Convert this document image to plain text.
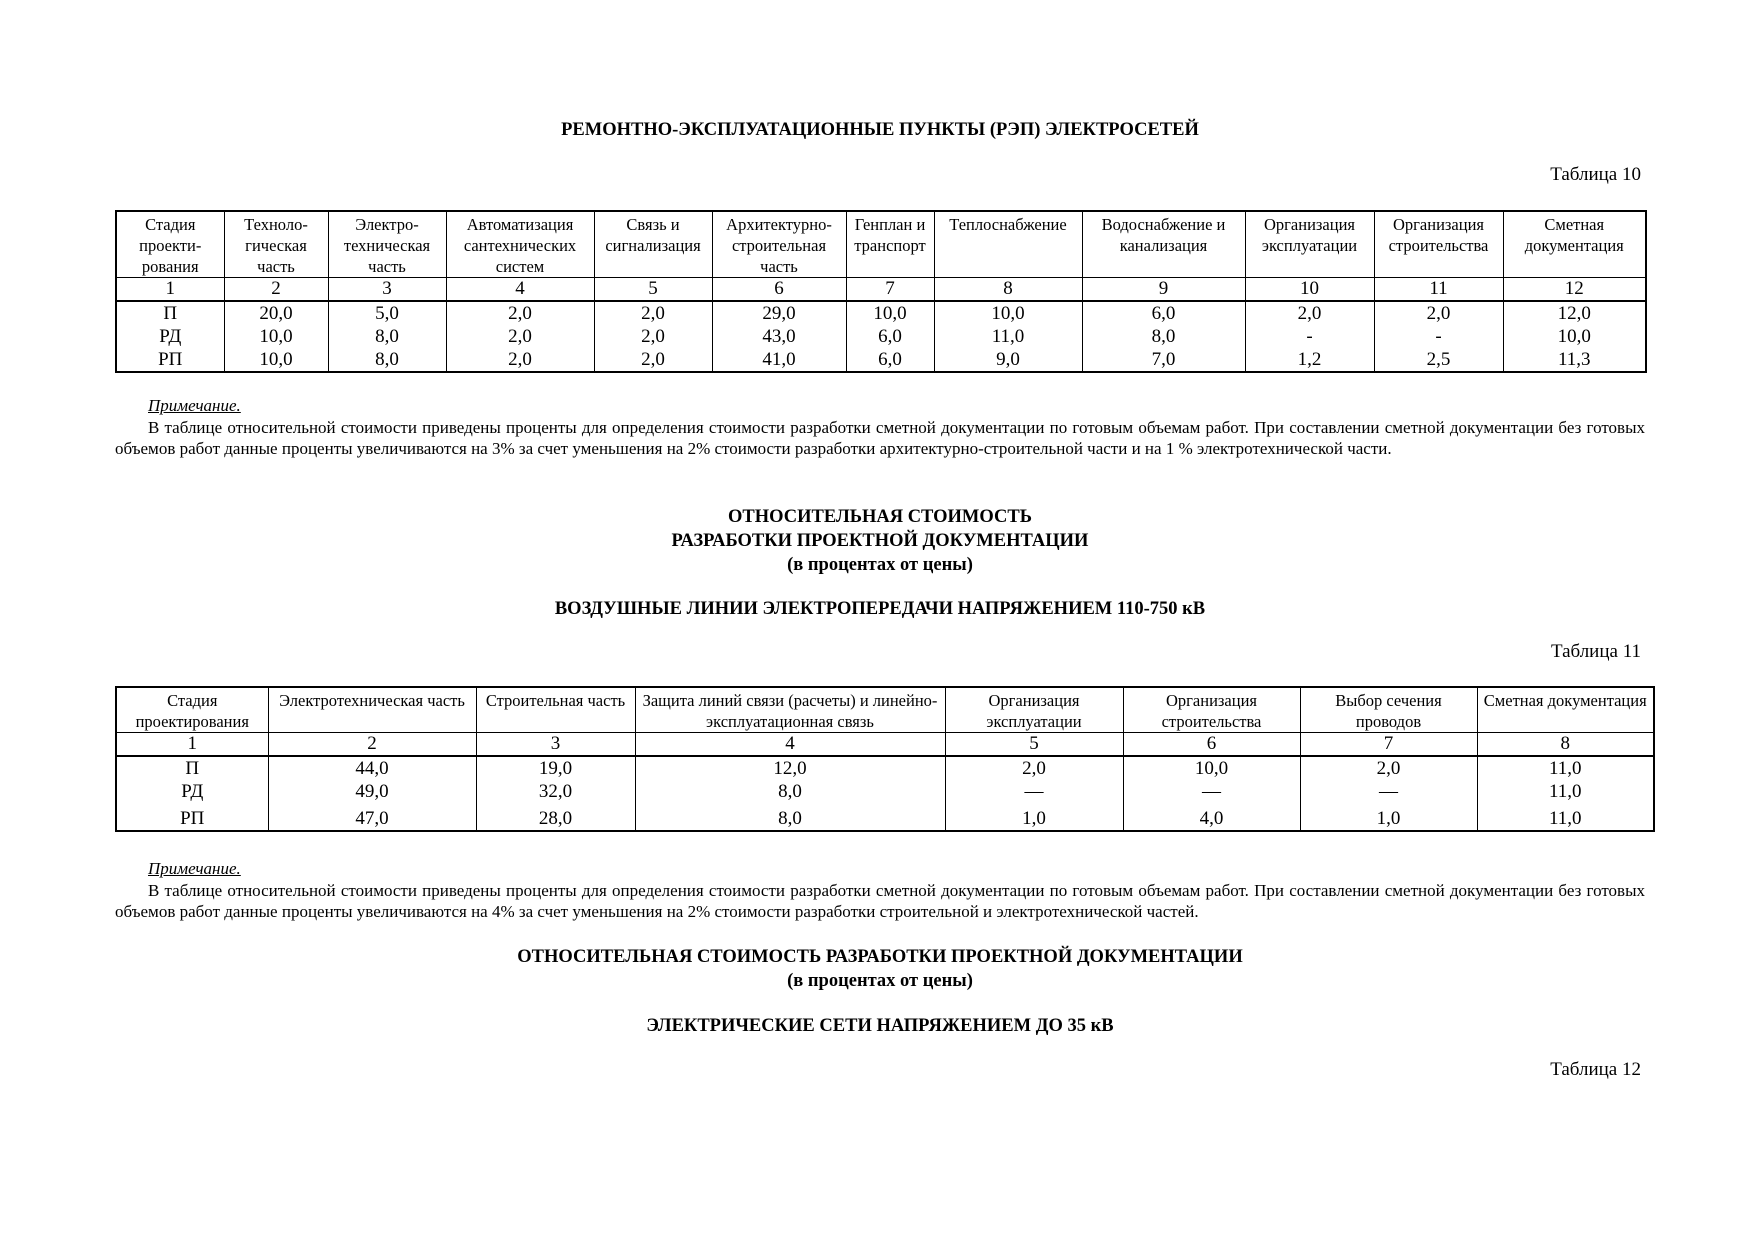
РЕМОНТНО-ЭКСПЛУАТАЦИОННЫЕ ПУНКТЫ (РЭП) ЭЛЕКТРОСЕТЕЙ

Таблица 10

Стадия проекти-рования	Техноло-гическая часть	Электро-техническая часть	Автоматизация сантехнических систем	Связь и сигнализация	Архитектурно-строительная часть	Генплан и транспорт	Теплоснабжение	Водоснабжение и канализация	Организация эксплуатации	Организация строительства	Сметная документация
1	2	3	4	5	6	7	8	9	10	11	12
П	20,0	5,0	2,0	2,0	29,0	10,0	10,0	6,0	2,0	2,0	12,0
РД	10,0	8,0	2,0	2,0	43,0	6,0	11,0	8,0	-	-	10,0
РП	10,0	8,0	2,0	2,0	41,0	6,0	9,0	7,0	1,2	2,5	11,3

Примечание.

В таблице относительной стоимости приведены проценты для определения стоимости разработки сметной документации по готовым объемам работ. При составлении сметной документации без готовых объемов работ данные проценты увеличиваются на 3% за счет уменьшения на 2% стоимости разработки архитектурно-строительной части и на 1 % электротехнической части.

ОТНОСИТЕЛЬНАЯ СТОИМОСТЬ

РАЗРАБОТКИ ПРОЕКТНОЙ ДОКУМЕНТАЦИИ

(в процентах от цены)

ВОЗДУШНЫЕ ЛИНИИ ЭЛЕКТРОПЕРЕДАЧИ НАПРЯЖЕНИЕМ 110-750 кВ

Таблица 11

Стадия проектирования	Электротехническая часть	Строительная часть	Защита линий связи (расчеты) и линейно-эксплуатационная связь	Организация эксплуатации	Организация строительства	Выбор сечения проводов	Сметная документация
1	2	3	4	5	6	7	8
П	44,0	19,0	12,0	2,0	10,0	2,0	11,0
РД	49,0	32,0	8,0	—	—	—	11,0
РП	47,0	28,0	8,0	1,0	4,0	1,0	11,0

Примечание.

В таблице относительной стоимости приведены проценты для определения стоимости разработки сметной документации по готовым объемам работ. При составлении сметной документации без готовых объемов работ данные проценты увеличиваются на 4% за счет уменьшения на 2% стоимости разработки строительной и электротехнической частей.

ОТНОСИТЕЛЬНАЯ СТОИМОСТЬ РАЗРАБОТКИ ПРОЕКТНОЙ ДОКУМЕНТАЦИИ

(в процентах от цены)

ЭЛЕКТРИЧЕСКИЕ СЕТИ НАПРЯЖЕНИЕМ ДО 35 кВ

Таблица 12
